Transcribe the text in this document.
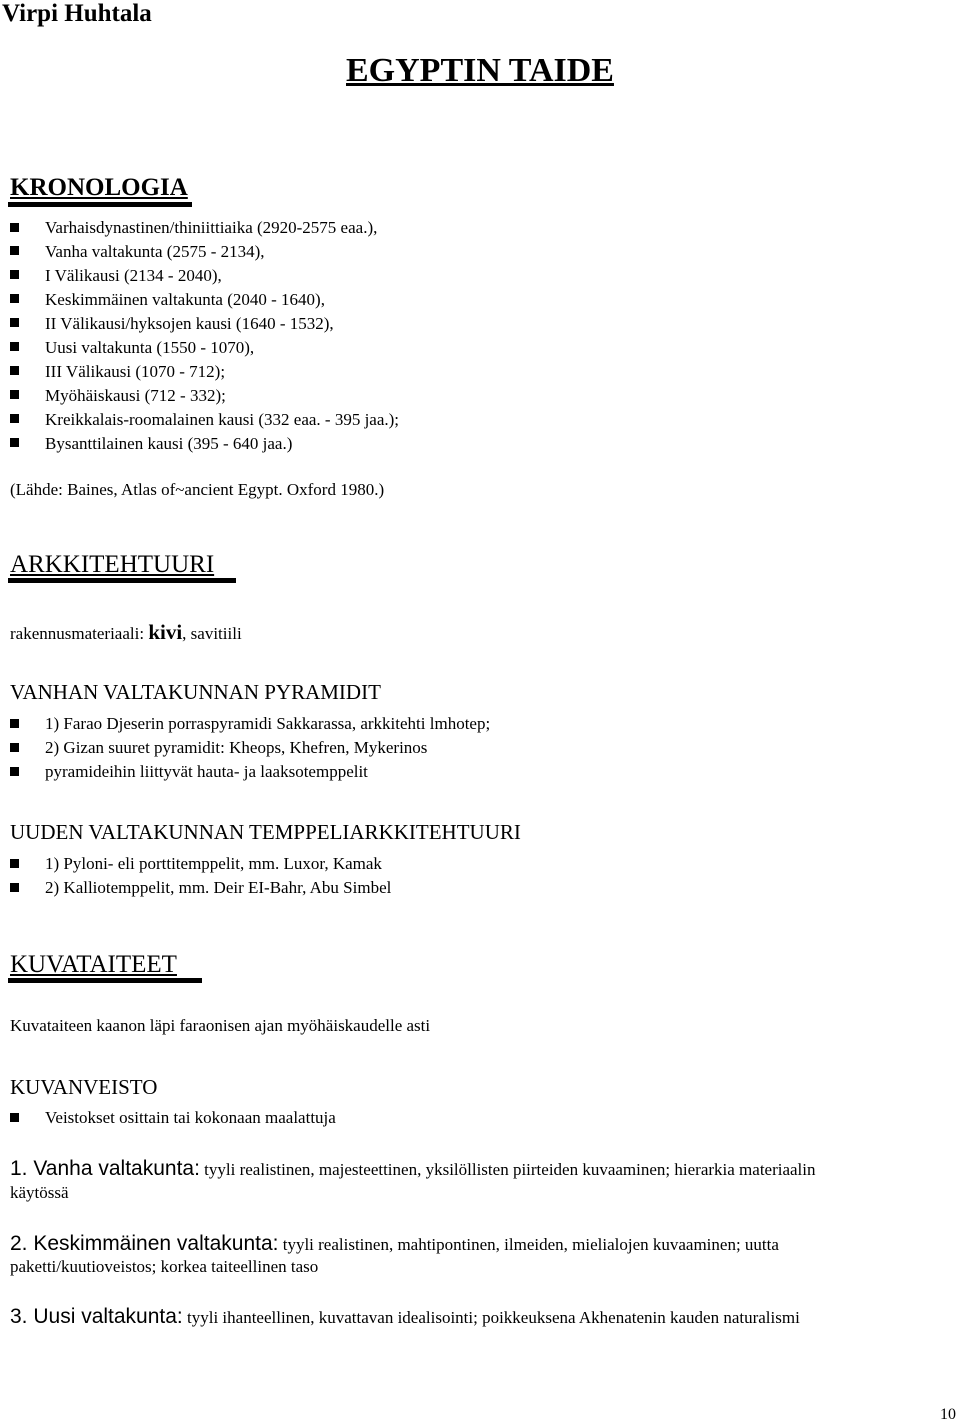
Virpi Huhtala
EGYPTIN TAIDE
KRONOLOGIA
Varhaisdynastinen/thiniittiaika (2920-2575 eaa.),
Vanha valtakunta (2575 - 2134),
I Välikausi (2134 - 2040),
Keskimmäinen valtakunta (2040 - 1640),
II Välikausi/hyksojen kausi (1640 - 1532),
Uusi valtakunta (1550 - 1070),
III Välikausi (1070 - 712);
Myöhäiskausi (712 - 332);
Kreikkalais-roomalainen kausi (332 eaa. - 395 jaa.);
Bysanttilainen kausi (395 - 640 jaa.)
(Lähde: Baines, Atlas of~ancient Egypt. Oxford 1980.)
ARKKITEHTUURI
rakennusmateriaali: kivi, savitiili
VANHAN VALTAKUNNAN PYRAMIDIT
1) Farao Djeserin porraspyramidi Sakkarassa, arkkitehti lmhotep;
2) Gizan suuret pyramidit: Kheops, Khefren, Mykerinos
pyramideihin liittyvät hauta- ja laaksotemppelit
UUDEN VALTAKUNNAN TEMPPELIARKKITEHTUURI
1) Pyloni- eli porttitemppelit, mm. Luxor, Kamak
2) Kalliotemppelit, mm. Deir EI-Bahr, Abu Simbel
KUVATAITEET
Kuvataiteen kaanon läpi faraonisen ajan myöhäiskaudelle asti
KUVANVEISTO
Veistokset osittain tai kokonaan maalattuja
1. Vanha valtakunta: tyyli realistinen, majesteettinen, yksilöllisten piirteiden kuvaaminen; hierarkia materiaalin
käytössä
2. Keskimmäinen valtakunta: tyyli realistinen, mahtipontinen, ilmeiden, mielialojen kuvaaminen; uutta
paketti/kuutioveistos; korkea taiteellinen taso
3. Uusi valtakunta: tyyli ihanteellinen, kuvattavan idealisointi; poikkeuksena Akhenatenin kauden naturalismi
10
